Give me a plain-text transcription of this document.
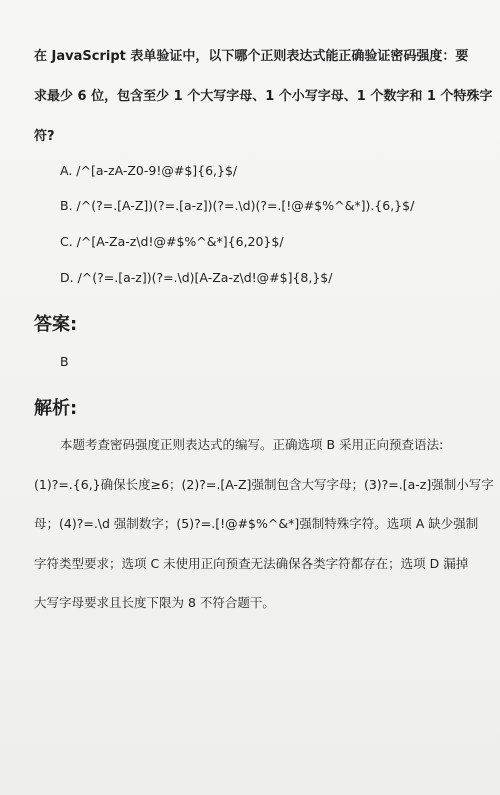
在 JavaScript 表单验证中，以下哪个正则表达式能正确验证密码强度：要
求最少 6 位，包含至少 1 个大写字母、1 个小写字母、1 个数字和 1 个特殊字
符?
A. /^[a-zA-Z0-9!@#$]{6,}$/
B. /^(?=.[A-Z])(?=.[a-z])(?=.\d)(?=.[!@#$%^&*]).{6,}$/
C. /^[A-Za-z\d!@#$%^&*]{6,20}$/
D. /^(?=.[a-z])(?=.\d)[A-Za-z\d!@#$]{8,}$/
答案:
B
解析:
本题考查密码强度正则表达式的编写。正确选项 B 采用正向预查语法:
(1)?=.{6,}确保长度≥6；(2)?=.[A-Z]强制包含大写字母；(3)?=.[a-z]强制小写字
母；(4)?=.\d 强制数字；(5)?=.[!@#$%^&*]强制特殊字符。选项 A 缺少强制
字符类型要求；选项 C 未使用正向预查无法确保各类字符都存在；选项 D 漏掉
大写字母要求且长度下限为 8 不符合题干。
